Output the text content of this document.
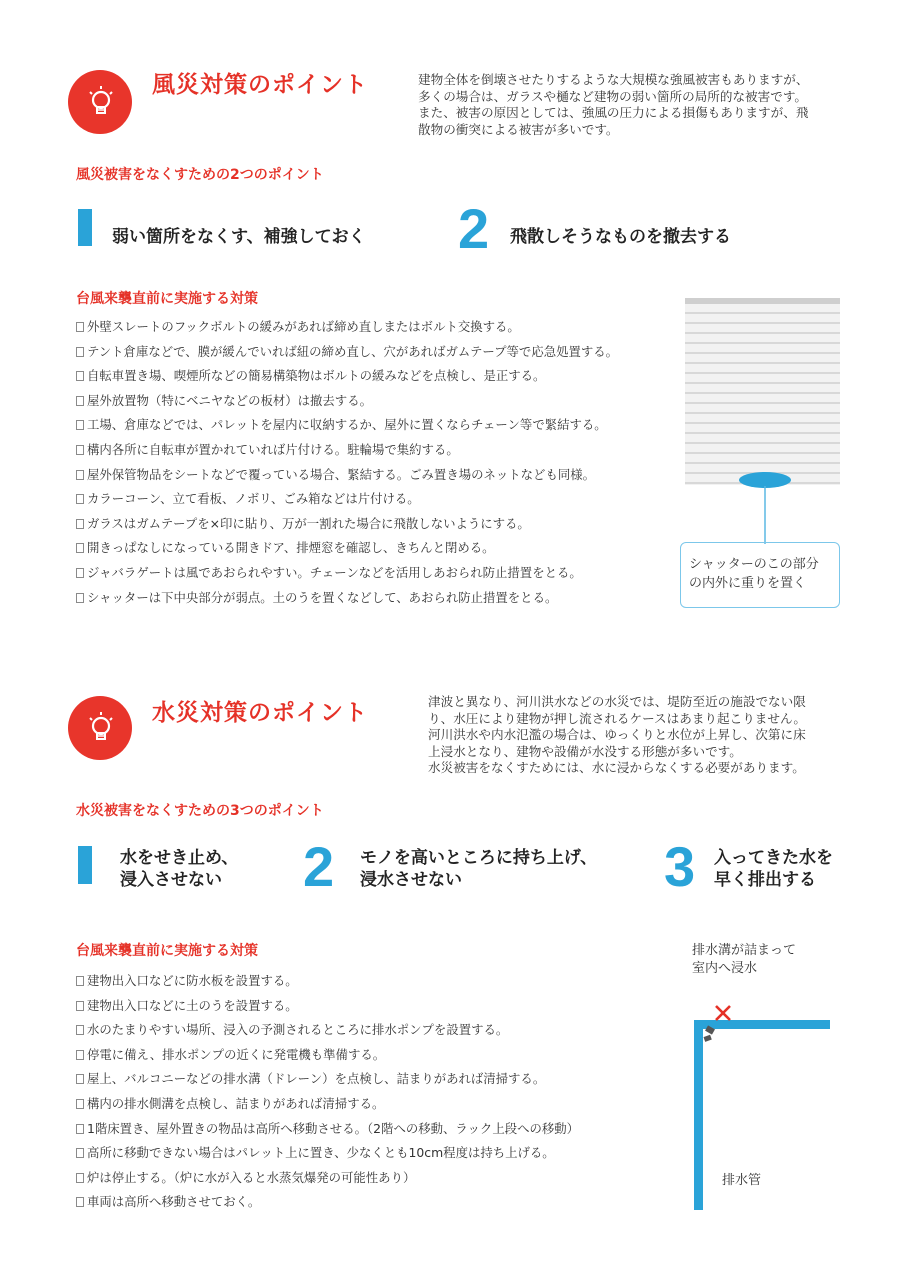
風災対策のポイント	建物全体を倒壊させたりするような大規模な強風被害もありますが、

多くの場合は、ガラスや樋など建物の弱い箇所の局所的な被害です。

また、被害の原因としては、強風の圧力による損傷もありますが、飛

散物の衝突による被害が多いです。

風災被害をなくすための2つのポイント
弱い箇所をなくす、補強しておく 2 飛散しそうなものを撤去する
台風来襲直前に実施する対策
外壁スレートのフックボルトの緩みがあれば締め直しまたはボルト交換する。
テント倉庫などで、膜が緩んでいれば紐の締め直し、穴があればガムテープ等で応急処置する。
自転車置き場、喫煙所などの簡易構築物はボルトの緩みなどを点検し、是正する。
屋外放置物（特にベニヤなどの板材）は撤去する。
工場、倉庫などでは、パレットを屋内に収納するか、屋外に置くならチェーン等で緊結する。
構内各所に自転車が置かれていれば片付ける。駐輪場で集約する。
屋外保管物品をシートなどで覆っている場合、緊結する。ごみ置き場のネットなども同様。
カラーコーン、立て看板、ノボリ、ごみ箱などは片付ける。
ガラスはガムテープを×印に貼り、万が一割れた場合に飛散しないようにする。
開きっぱなしになっている開きドア、排煙窓を確認し、きちんと閉める。
ジャバラゲートは風であおられやすい。チェーンなどを活用しあおられ防止措置をとる。
シャッターは下中央部分が弱点。土のうを置くなどして、あおられ防止措置をとる。

シャッターのこの部分

の内外に重りを置く

水災対策のポイント	津波と異なり、河川洪水などの水災では、堤防至近の施設でない限

り、水圧により建物が押し流されるケースはあまり起こりません。

河川洪水や内水氾濫の場合は、ゆっくりと水位が上昇し、次第に床

上浸水となり、建物や設備が水没する形態が多いです。

水災被害をなくすためには、水に浸からなくする必要があります。

水災被害をなくすための3つのポイント

水をせき止め、

浸入させない 2 モノを高いところに持ち上げ、

浸水させない	3 入ってきた水を

早く排出する

台風来襲直前に実施する対策
建物出入口などに防水板を設置する。
建物出入口などに土のうを設置する。
水のたまりやすい場所、浸入の予測されるところに排水ポンプを設置する。
停電に備え、排水ポンプの近くに発電機も準備する。
屋上、バルコニーなどの排水溝（ドレーン）を点検し、詰まりがあれば清掃する。
構内の排水側溝を点検し、詰まりがあれば清掃する。
1階床置き、屋外置きの物品は高所へ移動させる。（2階への移動、ラック上段への移動）
高所に移動できない場合はパレット上に置き、少なくとも10cm程度は持ち上げる。
炉は停止する。（炉に水が入ると水蒸気爆発の可能性あり）
車両は高所へ移動させておく。

排水溝が詰まって

室内へ浸水

排水管
